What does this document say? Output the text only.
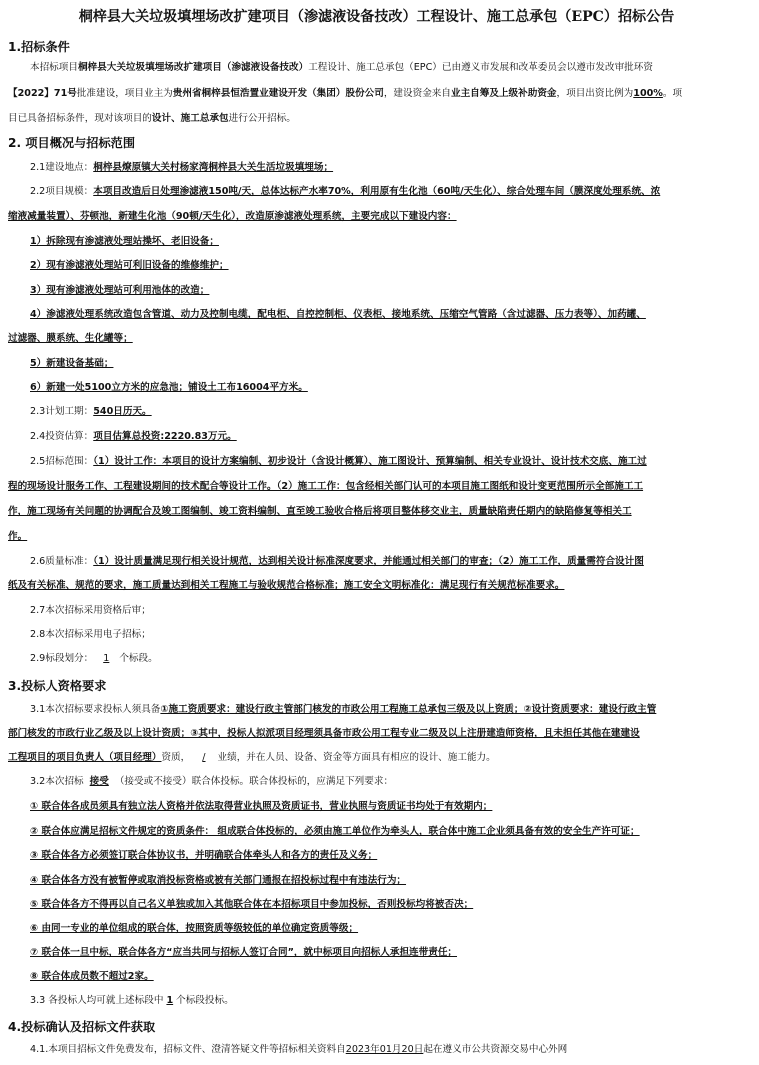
桐梓县大关垃圾填埋场改扩建项目（渗滤液设备技改）工程设计、施工总承包（EPC）招标公告
1.招标条件
本招标项目桐梓县大关垃圾填埋场改扩建项目（渗滤液设备技改）工程设计、施工总承包（EPC）已由遵义市发展和改革委员会以遵市发改审批环资
【2022】71号批准建设，项目业主为贵州省桐梓县恒浩置业建设开发（集团）股份公司，建设资金来自业主自筹及上级补助资金，项目出资比例为100%。项
目已具备招标条件，现对该项目的设计、施工总承包进行公开招标。
2. 项目概况与招标范围
2.1建设地点：桐梓县燎原镇大关村杨家湾桐梓县大关生活垃圾填埋场；
2.2项目规模：本项目改造后日处理渗滤液150吨/天，总体达标产水率70%，利用原有生化池（60吨/天生化）、综合处理车间（膜深度处理系统、浓
缩液减量装置）、芬顿池，新建生化池（90顿/天生化），改造原渗滤液处理系统，主要完成以下建设内容：
1）拆除现有渗滤液处理站操坏、老旧设备；
2）现有渗滤液处理站可利旧设备的维修维护；
3）现有渗滤液处理站可利用池体的改造；
4）渗滤液处理系统改造包含管道、动力及控制电缆，配电柜、自控控制柜、仪表柜、接地系统、压缩空气管路（含过滤器、压力表等）、加药罐、
过滤器、膜系统、生化罐等；
5）新建设备基础；
6）新建一处5100立方米的应急池；铺设土工布16004平方米。
2.3计划工期：540日历天。
2.4投资估算：项目估算总投资:2220.83万元。
2.5招标范围：（1）设计工作：本项目的设计方案编制、初步设计（含设计概算）、施工图设计、预算编制、相关专业设计、设计技术交底、施工过
程的现场设计服务工作、工程建设期间的技术配合等设计工作。（2）施工工作：包含经相关部门认可的本项目施工图纸和设计变更范围所示全部施工工
作，施工现场有关问题的协调配合及竣工图编制、竣工资料编制、直至竣工验收合格后将项目整体移交业主，质量缺陷责任期内的缺陷修复等相关工
作。
2.6质量标准：（1）设计质量满足现行相关设计规范，达到相关设计标准深度要求，并能通过相关部门的审查；（2）施工工作，质量需符合设计图
纸及有关标准、规范的要求，施工质量达到相关工程施工与验收规范合格标准；施工安全文明标准化：满足现行有关规范标准要求。
2.7本次招标采用资格后审；
2.8本次招标采用电子招标；
2.9标段划分： 1 个标段。
3.投标人资格要求
3.1本次招标要求投标人须具备①施工资质要求：建设行政主管部门核发的市政公用工程施工总承包三级及以上资质；②设计资质要求：建设行政主管
部门核发的市政行业乙级及以上设计资质；③其中，投标人拟派项目经理须具备市政公用工程专业二级及以上注册建造师资格，且未担任其他在建建设
工程项目的项目负责人（项目经理）资质， / 业绩，并在人员、设备、资金等方面具有相应的设计、施工能力。
3.2本次招标 接受 （接受或不接受）联合体投标。联合体投标的，应满足下列要求：
① 联合体各成员须具有独立法人资格并依法取得营业执照及资质证书，营业执照与资质证书均处于有效期内；
② 联合体应满足招标文件规定的资质条件： 组成联合体投标的，必须由施工单位作为牵头人，联合体中施工企业须具备有效的安全生产许可证；
③ 联合体各方必须签订联合体协议书，并明确联合体牵头人和各方的责任及义务；
④ 联合体各方没有被暂停或取消投标资格或被有关部门通报在招投标过程中有违法行为；
⑤ 联合体各方不得再以自己名义单独或加入其他联合体在本招标项目中参加投标，否则投标均将被否决；
⑥ 由同一专业的单位组成的联合体，按照资质等级较低的单位确定资质等级；
⑦ 联合体一旦中标，联合体各方“应当共同与招标人签订合同”，就中标项目向招标人承担连带责任；
⑧ 联合体成员数不超过2家。
3.3 各投标人均可就上述标段中 1 个标段投标。
4.投标确认及招标文件获取
4.1.本项目招标文件免费发布，招标文件、澄清答疑文件等招标相关资料自2023年01月20日起在遵义市公共资源交易中心外网
